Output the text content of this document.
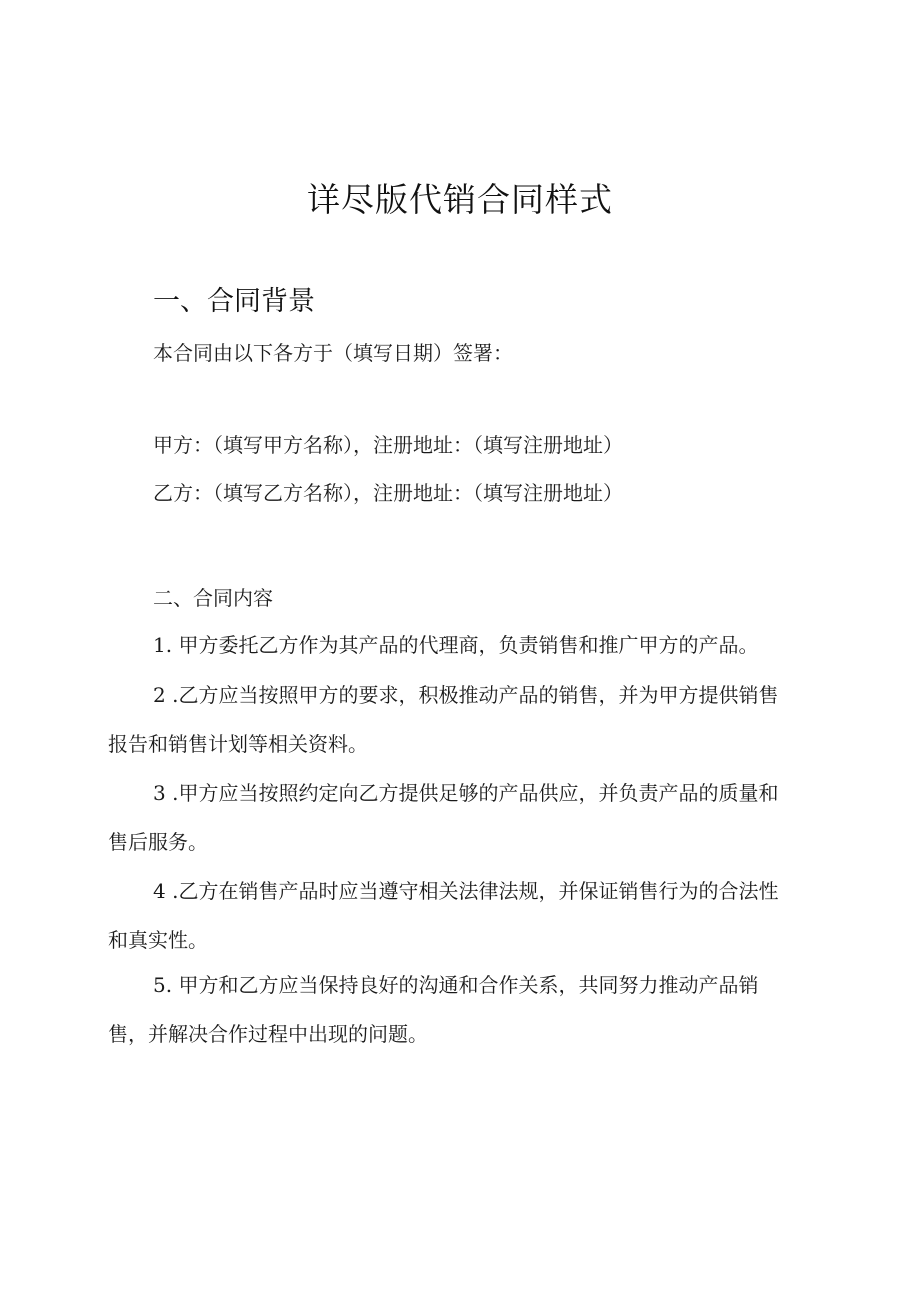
详尽版代销合同样式
一、合同背景
本合同由以下各方于（填写日期）签署：
甲方：（填写甲方名称），注册地址：（填写注册地址）
乙方：（填写乙方名称），注册地址：（填写注册地址）
二、合同内容
1. 甲方委托乙方作为其产品的代理商，负责销售和推广甲方的产品。
2 .乙方应当按照甲方的要求，积极推动产品的销售，并为甲方提供销售
报告和销售计划等相关资料。
3 .甲方应当按照约定向乙方提供足够的产品供应，并负责产品的质量和
售后服务。
4 .乙方在销售产品时应当遵守相关法律法规，并保证销售行为的合法性
和真实性。
5. 甲方和乙方应当保持良好的沟通和合作关系，共同努力推动产品销
售，并解决合作过程中出现的问题。
